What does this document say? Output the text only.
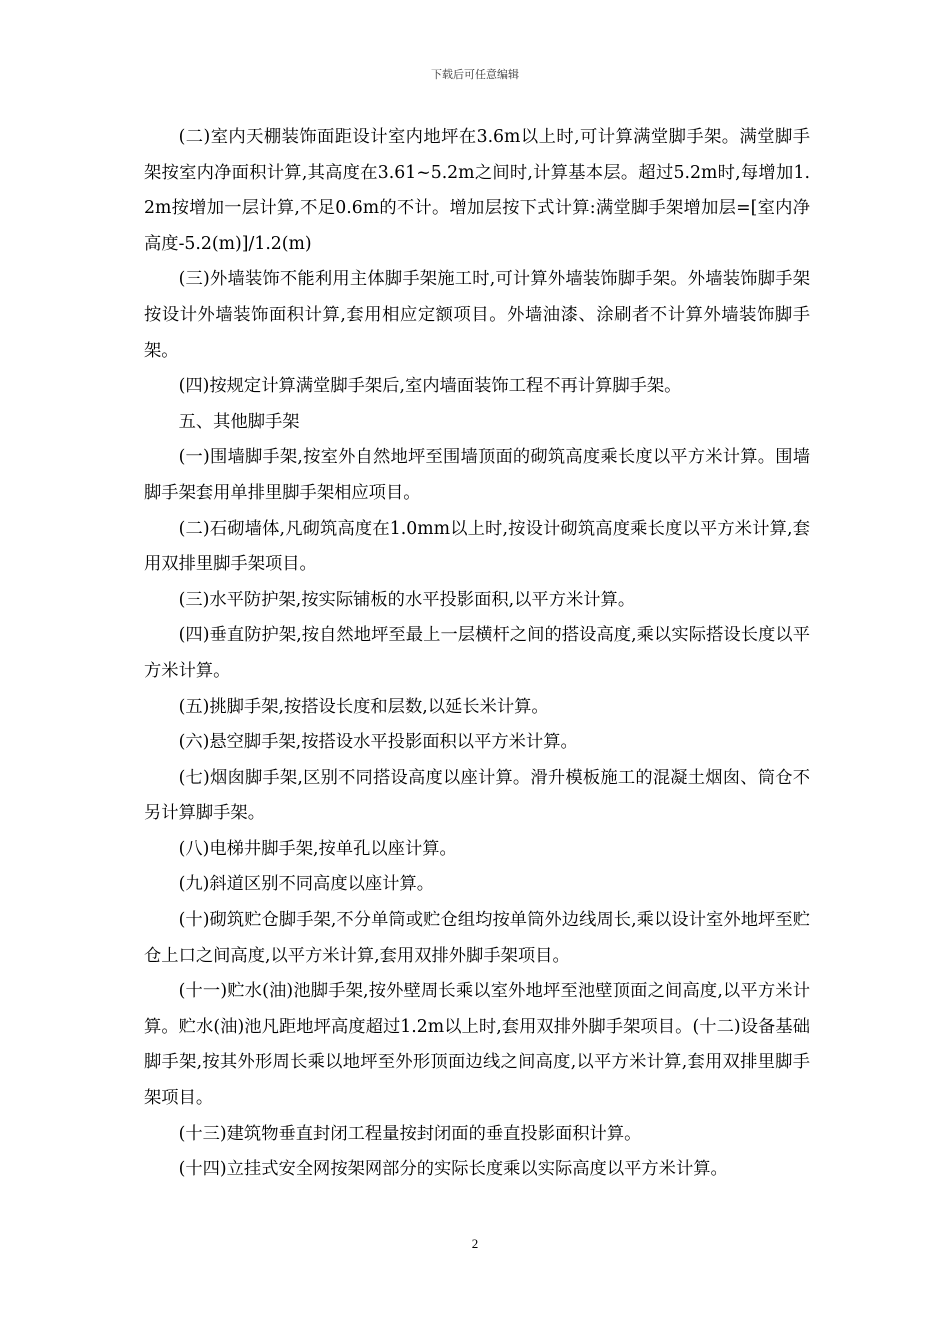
下载后可任意编辑

(二)室内天棚装饰面距设计室内地坪在3.6m以上时,可计算满堂脚手架。满堂脚手架按室内净面积计算,其高度在3.61~5.2m之间时,计算基本层。超过5.2m时,每增加1.2m按增加一层计算,不足0.6m的不计。增加层按下式计算:满堂脚手架增加层=[室内净高度-5.2(m)]/1.2(m)

(三)外墙装饰不能利用主体脚手架施工时,可计算外墙装饰脚手架。外墙装饰脚手架按设计外墙装饰面积计算,套用相应定额项目。外墙油漆、涂刷者不计算外墙装饰脚手架。

(四)按规定计算满堂脚手架后,室内墙面装饰工程不再计算脚手架。

五、其他脚手架

(一)围墙脚手架,按室外自然地坪至围墙顶面的砌筑高度乘长度以平方米计算。围墙脚手架套用单排里脚手架相应项目。

(二)石砌墙体,凡砌筑高度在1.0mm以上时,按设计砌筑高度乘长度以平方米计算,套用双排里脚手架项目。

(三)水平防护架,按实际铺板的水平投影面积,以平方米计算。

(四)垂直防护架,按自然地坪至最上一层横杆之间的搭设高度,乘以实际搭设长度以平方米计算。

(五)挑脚手架,按搭设长度和层数,以延长米计算。

(六)悬空脚手架,按搭设水平投影面积以平方米计算。

(七)烟囱脚手架,区别不同搭设高度以座计算。滑升模板施工的混凝土烟囱、筒仓不另计算脚手架。

(八)电梯井脚手架,按单孔以座计算。

(九)斜道区别不同高度以座计算。

(十)砌筑贮仓脚手架,不分单筒或贮仓组均按单筒外边线周长,乘以设计室外地坪至贮仓上口之间高度,以平方米计算,套用双排外脚手架项目。

(十一)贮水(油)池脚手架,按外壁周长乘以室外地坪至池壁顶面之间高度,以平方米计算。贮水(油)池凡距地坪高度超过1.2m以上时,套用双排外脚手架项目。(十二)设备基础脚手架,按其外形周长乘以地坪至外形顶面边线之间高度,以平方米计算,套用双排里脚手架项目。

(十三)建筑物垂直封闭工程量按封闭面的垂直投影面积计算。

(十四)立挂式安全网按架网部分的实际长度乘以实际高度以平方米计算。

2
